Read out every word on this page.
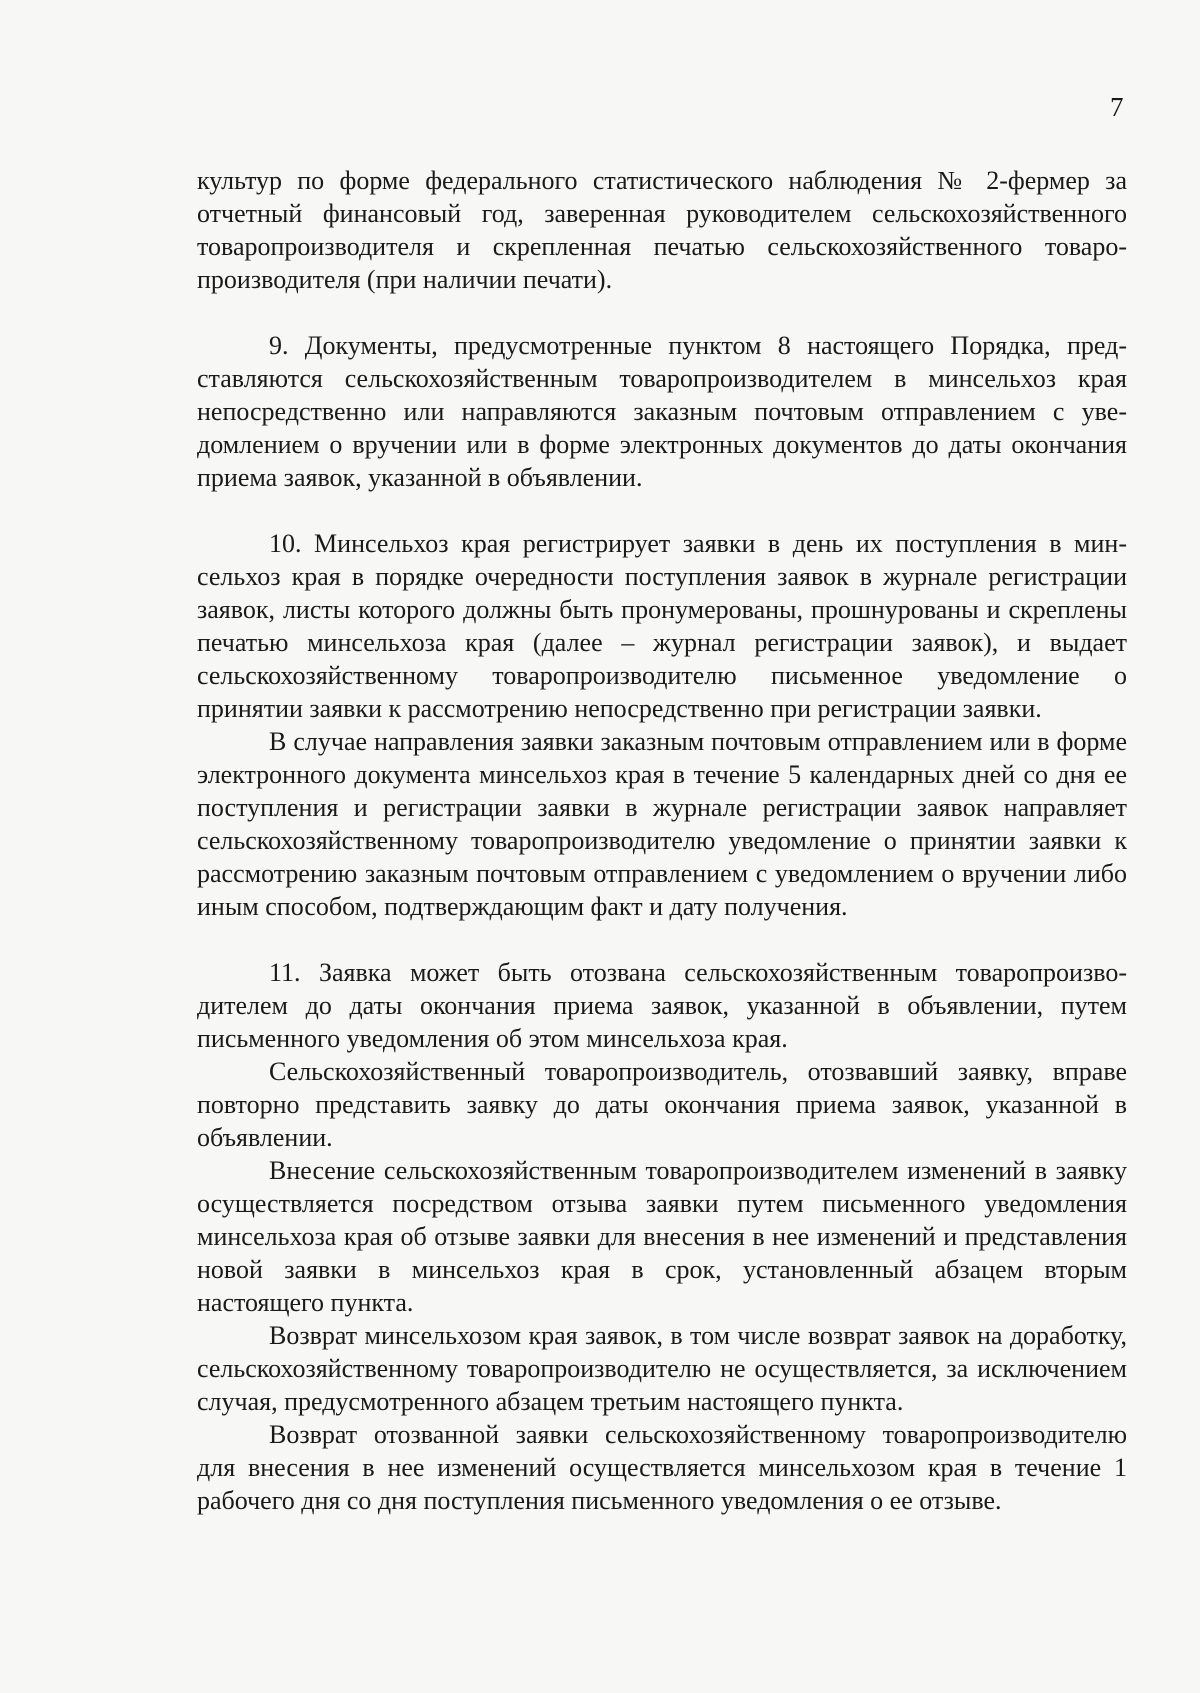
7

культур по форме федерального статистического наблюдения № 2-фермер за отчетный финансовый год, заверенная руководителем сельскохозяйственного товаропроизводителя и скрепленная печатью сельскохозяйственного товаропроизводителя (при наличии печати).

9. Документы, предусмотренные пунктом 8 настоящего Порядка, представляются сельскохозяйственным товаропроизводителем в минсельхоз края непосредственно или направляются заказным почтовым отправлением с уведомлением о вручении или в форме электронных документов до даты окончания приема заявок, указанной в объявлении.

10. Минсельхоз края регистрирует заявки в день их поступления в минсельхоз края в порядке очередности поступления заявок в журнале регистрации заявок, листы которого должны быть пронумерованы, прошнурованы и скреплены печатью минсельхоза края (далее – журнал регистрации заявок), и выдает сельскохозяйственному товаропроизводителю письменное уведомление о принятии заявки к рассмотрению непосредственно при регистрации заявки.

В случае направления заявки заказным почтовым отправлением или в форме электронного документа минсельхоз края в течение 5 календарных дней со дня ее поступления и регистрации заявки в журнале регистрации заявок направляет сельскохозяйственному товаропроизводителю уведомление о принятии заявки к рассмотрению заказным почтовым отправлением с уведомлением о вручении либо иным способом, подтверждающим факт и дату получения.

11. Заявка может быть отозвана сельскохозяйственным товаропроизводителем до даты окончания приема заявок, указанной в объявлении, путем письменного уведомления об этом минсельхоза края.

Сельскохозяйственный товаропроизводитель, отозвавший заявку, вправе повторно представить заявку до даты окончания приема заявок, указанной в объявлении.

Внесение сельскохозяйственным товаропроизводителем изменений в заявку осуществляется посредством отзыва заявки путем письменного уведомления минсельхоза края об отзыве заявки для внесения в нее изменений и представления новой заявки в минсельхоз края в срок, установленный абзацем вторым настоящего пункта.

Возврат минсельхозом края заявок, в том числе возврат заявок на доработку, сельскохозяйственному товаропроизводителю не осуществляется, за исключением случая, предусмотренного абзацем третьим настоящего пункта.

Возврат отозванной заявки сельскохозяйственному товаропроизводителю для внесения в нее изменений осуществляется минсельхозом края в течение 1 рабочего дня со дня поступления письменного уведомления о ее отзыве.
